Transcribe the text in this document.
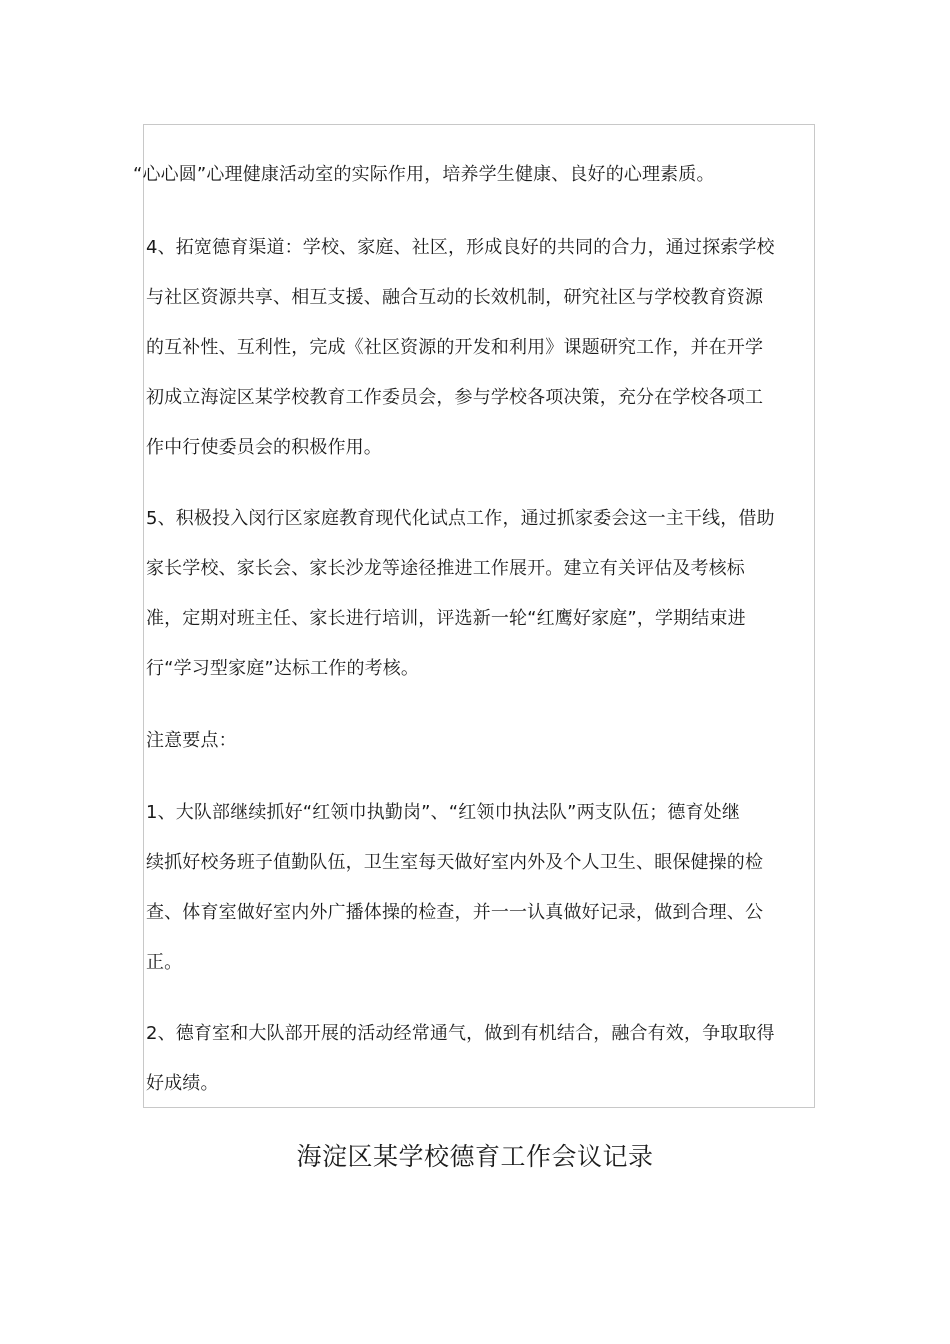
“心心圆”心理健康活动室的实际作用，培养学生健康、良好的心理素质。
4、拓宽德育渠道：学校、家庭、社区，形成良好的共同的合力，通过探索学校
与社区资源共享、相互支援、融合互动的长效机制，研究社区与学校教育资源
的互补性、互利性，完成《社区资源的开发和利用》课题研究工作，并在开学
初成立海淀区某学校教育工作委员会，参与学校各项决策，充分在学校各项工
作中行使委员会的积极作用。
5、积极投入闵行区家庭教育现代化试点工作，通过抓家委会这一主干线，借助
家长学校、家长会、家长沙龙等途径推进工作展开。建立有关评估及考核标
准，定期对班主任、家长进行培训，评选新一轮“红鹰好家庭”，学期结束进
行“学习型家庭”达标工作的考核。
注意要点：
1、大队部继续抓好“红领巾执勤岗”、“红领巾执法队”两支队伍；德育处继
续抓好校务班子值勤队伍，卫生室每天做好室内外及个人卫生、眼保健操的检
查、体育室做好室内外广播体操的检查，并一一认真做好记录，做到合理、公
正。
2、德育室和大队部开展的活动经常通气，做到有机结合，融合有效，争取取得
好成绩。
海淀区某学校德育工作会议记录
